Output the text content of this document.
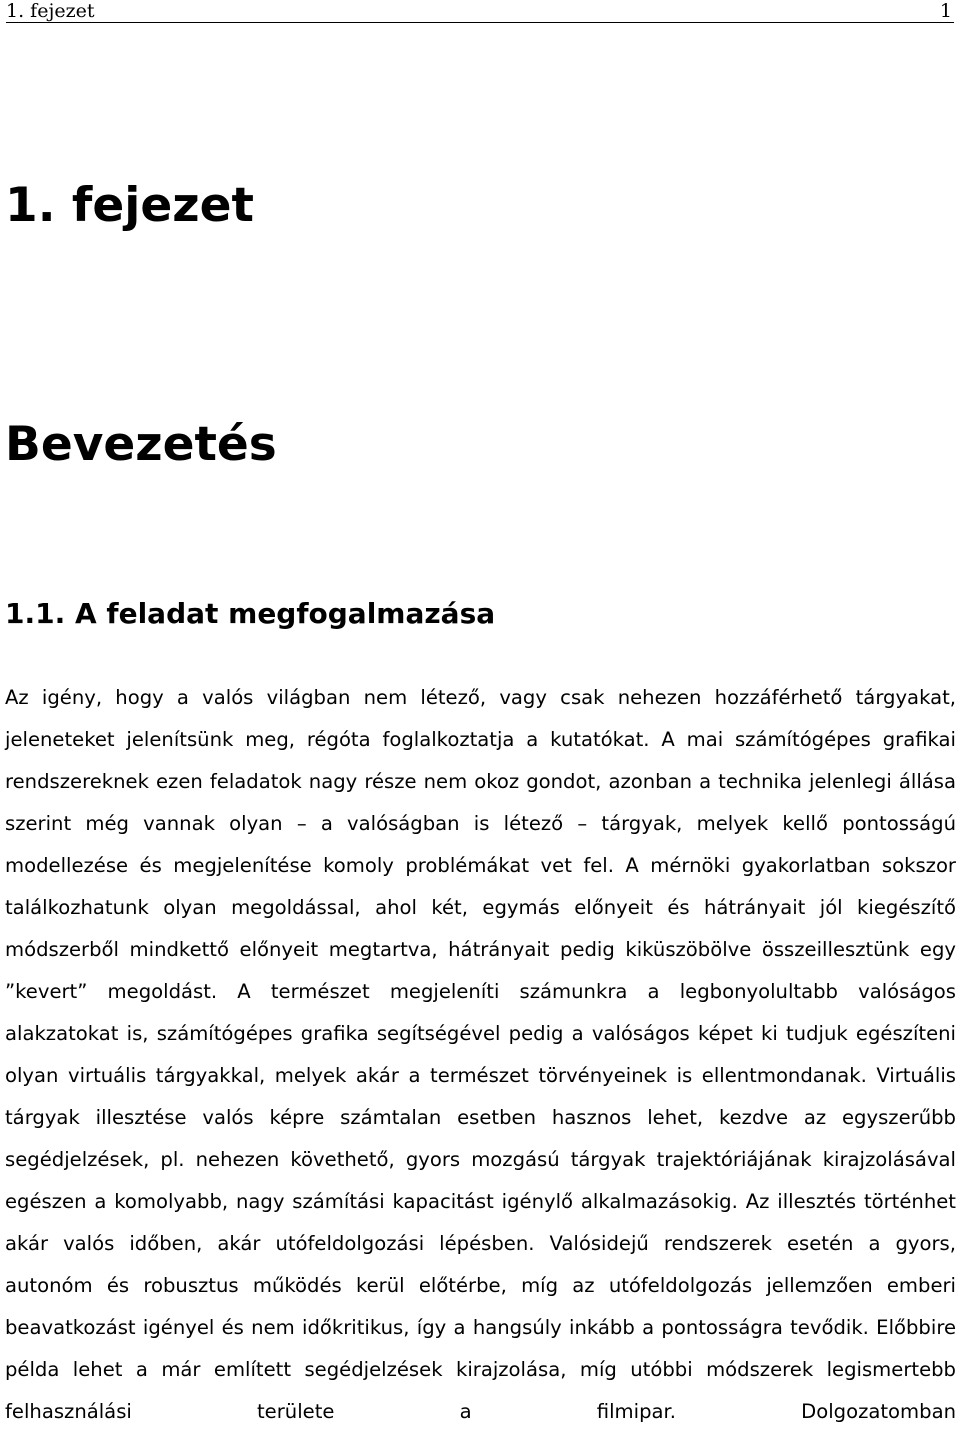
1. fejezet	1
1. fejezet
Bevezetés
1.1. A feladat megfogalmazása

Az igény, hogy a valós világban nem létező, vagy csak nehezen hozzáférhető tárgyakat, jeleneteket jelenítsünk meg, régóta foglalkoztatja a kutatókat. A mai számítógépes grafikai rendszereknek ezen feladatok nagy része nem okoz gondot, azonban a technika jelenlegi állása szerint még vannak olyan – a valóságban is létező – tárgyak, melyek kellő pontosságú modellezése és megjelenítése komoly problémákat vet fel. A mérnöki gyakorlatban sokszor találkozhatunk olyan megoldással, ahol két, egymás előnyeit és hátrányait jól kiegészítő módszerből mindkettő előnyeit megtartva, hátrányait pedig kiküszöbölve összeillesztünk egy ”kevert” megoldást. A természet megjeleníti számunkra a legbonyolultabb valóságos alakzatokat is, számítógépes grafika segítségével pedig a valóságos képet ki tudjuk egészíteni olyan virtuális tárgyakkal, melyek akár a természet törvényeinek is ellentmondanak. Virtuális tárgyak illesztése valós képre számtalan esetben hasznos lehet, kezdve az egyszerűbb segédjelzések, pl. nehezen követhető, gyors mozgású tárgyak trajektóriájának kirajzolásával egészen a komolyabb, nagy számítási kapacitást igénylő alkalmazásokig. Az illesztés történhet akár valós időben, akár utófeldolgozási lépésben. Valósidejű rendszerek esetén a gyors, autonóm és robusztus működés kerül előtérbe, míg az utófeldolgozás jellemzően emberi beavatkozást igényel és nem időkritikus, így a hangsúly inkább a pontosságra tevődik. Előbbire példa lehet a már említett segédjelzések kirajzolása, míg utóbbi módszerek legismertebb felhasználási területe a filmipar. Dolgozatomban
